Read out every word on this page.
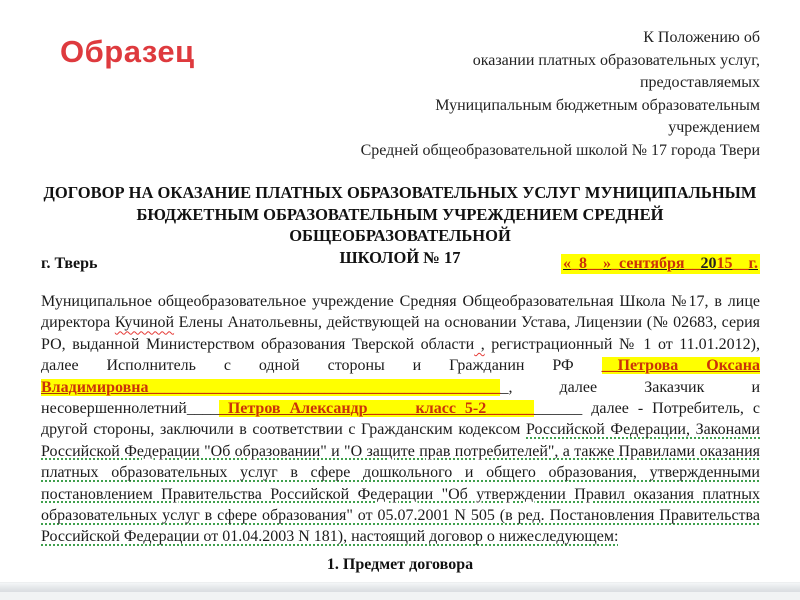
Образец	К Положению об
оказании платных образовательных услуг,
предоставляемых
Муниципальным бюджетным образовательным
учреждением
Средней общеобразовательной школой № 17 города Твери
ДОГОВОР НА ОКАЗАНИЕ ПЛАТНЫХ ОБРАЗОВАТЕЛЬНЫХ УСЛУГ МУНИЦИПАЛЬНЫМ
БЮДЖЕТНЫМ ОБРАЗОВАТЕЛЬНЫМ УЧРЕЖДЕНИЕМ СРЕДНЕЙ ОБЩЕОБРАЗОВАТЕЛЬНОЙ
ШКОЛОЙ № 17
г. Тверь	«_8__»_сентября__2015__г.

Муниципальное общеобразовательное учреждение Средняя Общеобразовательная Школа №17, в лице директора Кучиной Елены Анатольевны, действующей на основании Устава, Лицензии (№ 02683, серия РО, выданной Министерством образования Тверской области , регистрационный № 1 от 11.01.2012), далее Исполнитель с одной стороны и Гражданин РФ __Петрова Оксана Владимировна_____________________________________________, далее Заказчик и несовершеннолетний____ Петров Александр______класс 5-2____________ далее - Потребитель, с другой стороны, заключили в соответствии с Гражданским кодексом Российской Федерации, Законами Российской Федерации "Об образовании" и "О защите прав потребителей", а также Правилами оказания платных образовательных услуг в сфере дошкольного и общего образования, утвержденными постановлением Правительства Российской Федерации "Об утверждении Правил оказания платных образовательных услуг в сфере образования" от 05.07.2001 N 505 (в ред. Постановления Правительства Российской Федерации от 01.04.2003 N 181), настоящий договор о нижеследующем:

1. Предмет договора
